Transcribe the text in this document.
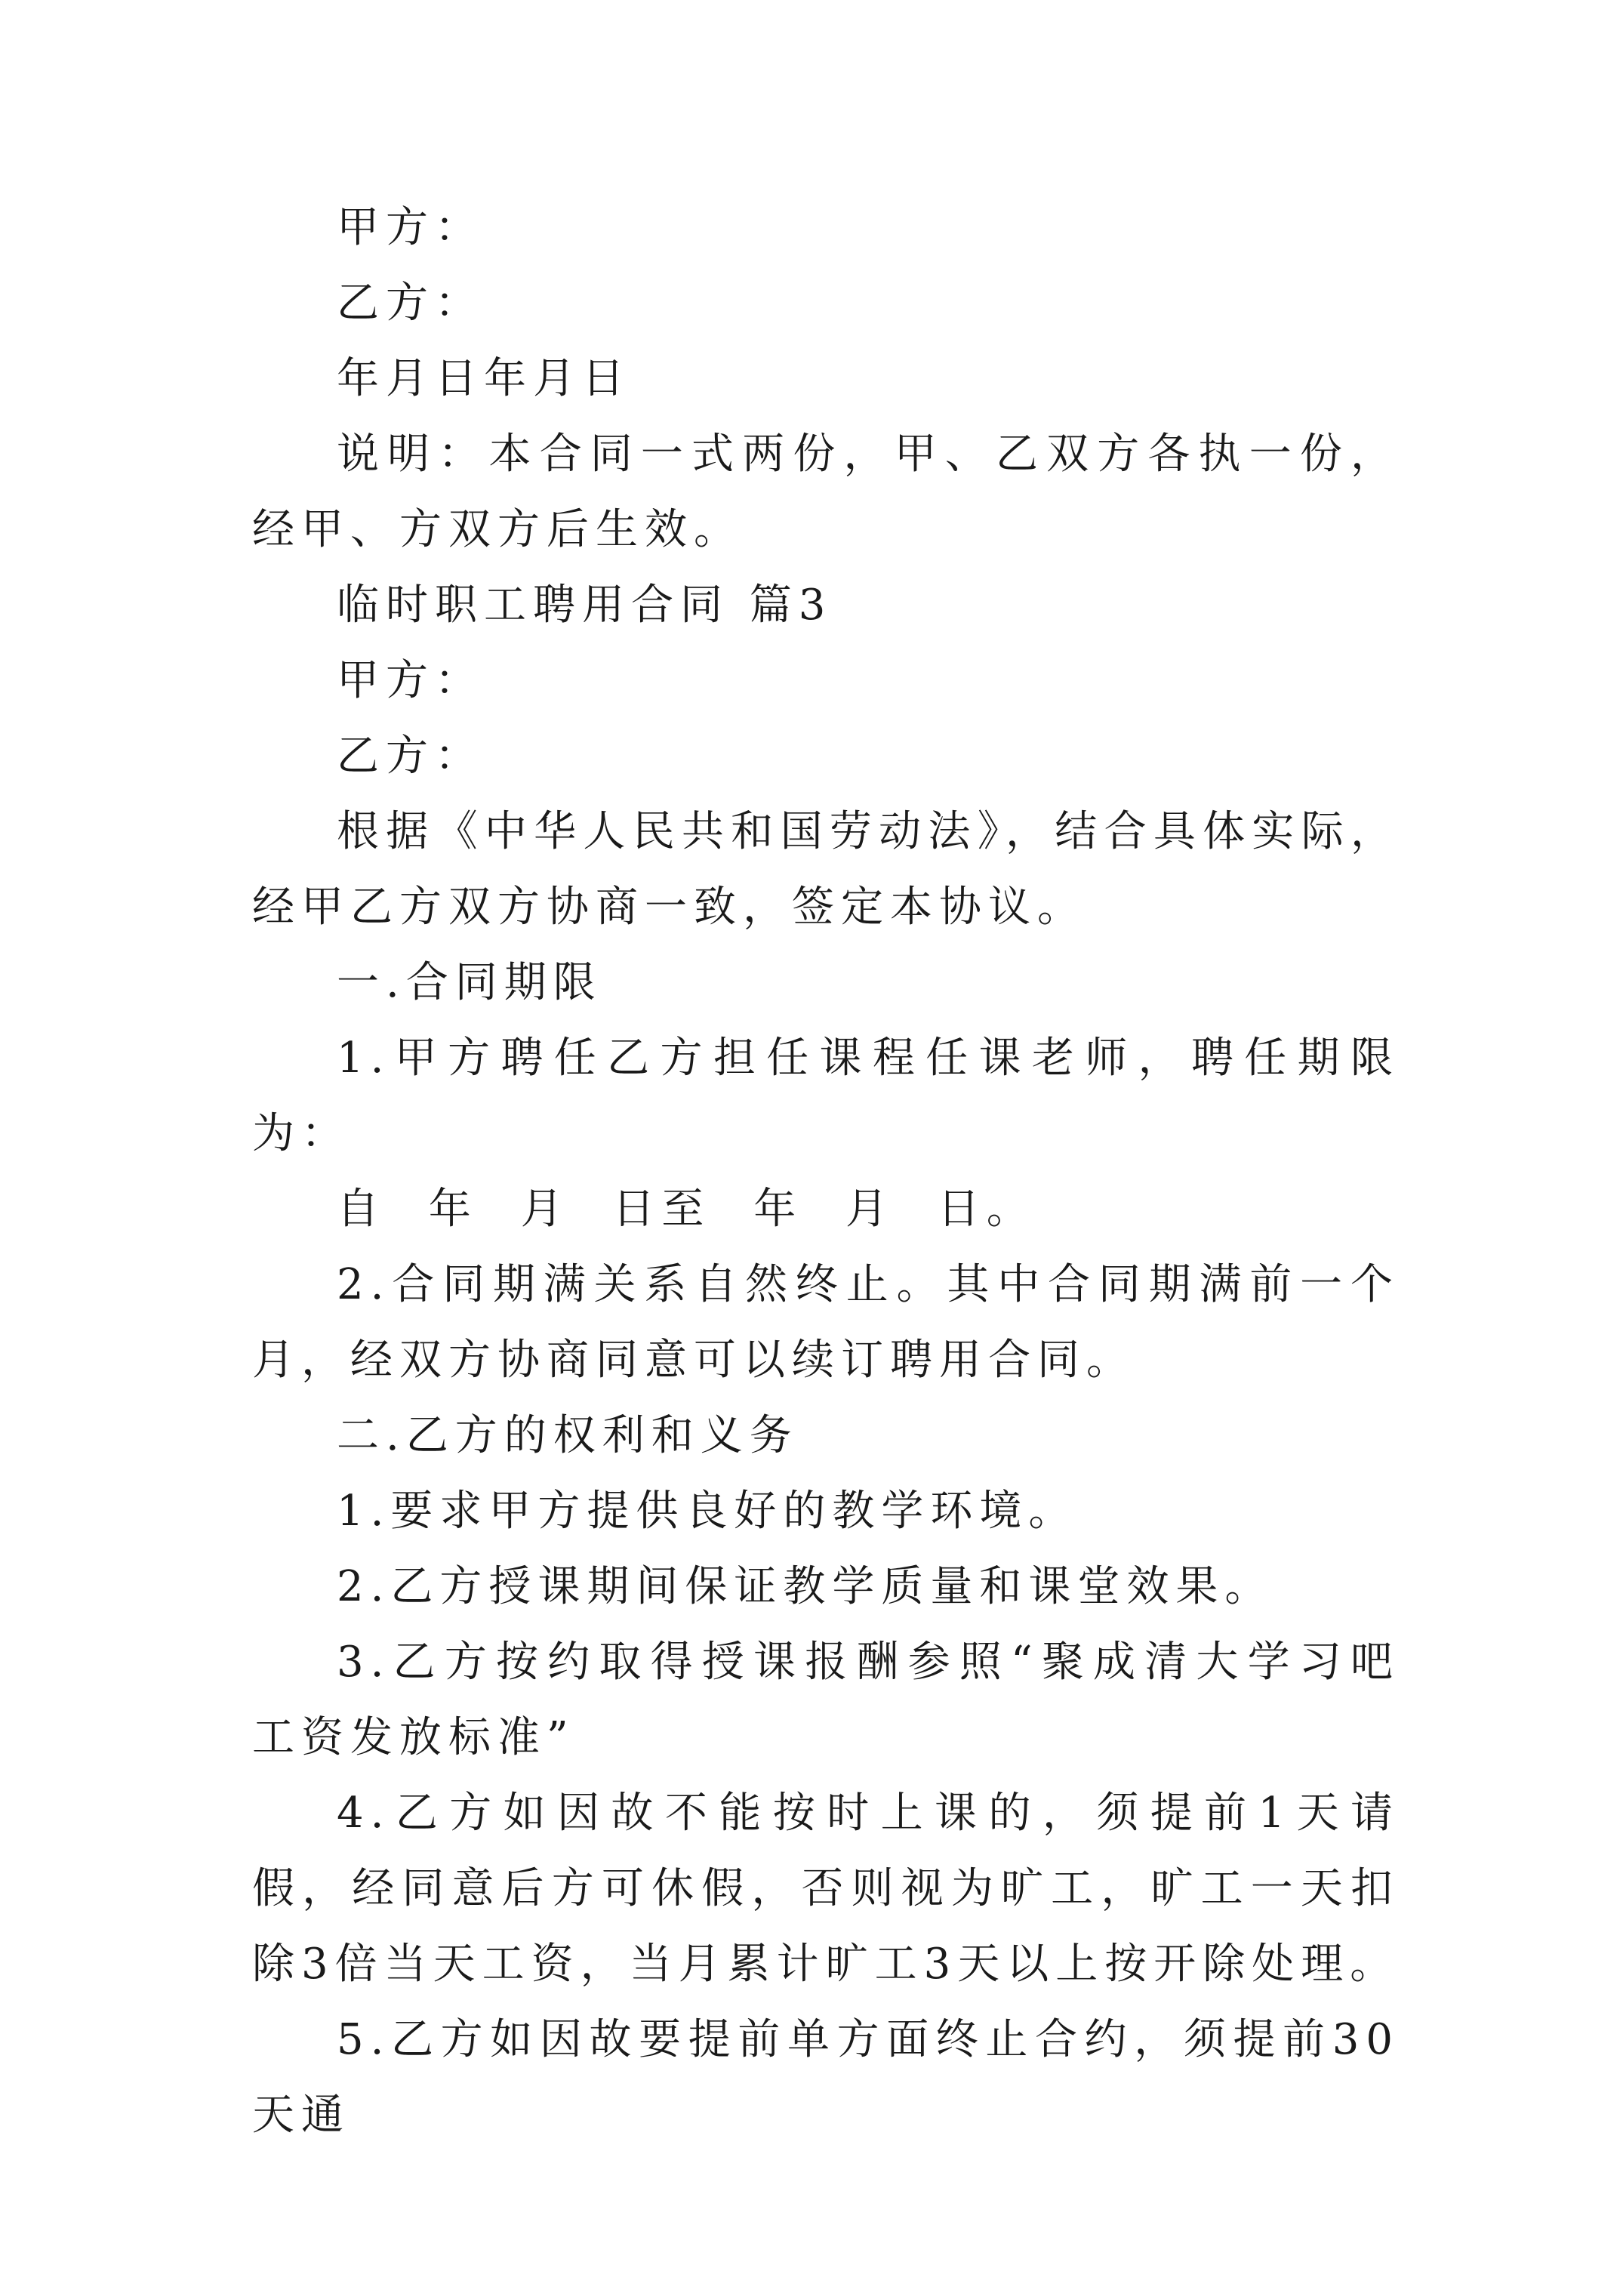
甲方：

乙方：

年月日年月日

说明：本合同一式两份，甲、乙双方各执一份，经甲、方双方后生效。

临时职工聘用合同 篇3

甲方：

乙方：

根据《中华人民共和国劳动法》，结合具体实际，经甲乙方双方协商一致，签定本协议。

一.合同期限

1.甲方聘任乙方担任课程任课老师，聘任期限为：

自 年 月 日至 年 月 日。

2.合同期满关系自然终止。其中合同期满前一个月，经双方协商同意可以续订聘用合同。

二.乙方的权利和义务

1.要求甲方提供良好的教学环境。

2.乙方授课期间保证教学质量和课堂效果。

3.乙方按约取得授课报酬参照“聚成清大学习吧工资发放标准”

4.乙方如因故不能按时上课的，须提前1天请假，经同意后方可休假，否则视为旷工，旷工一天扣除3倍当天工资，当月累计旷工3天以上按开除处理。

5.乙方如因故要提前单方面终止合约，须提前30天通
